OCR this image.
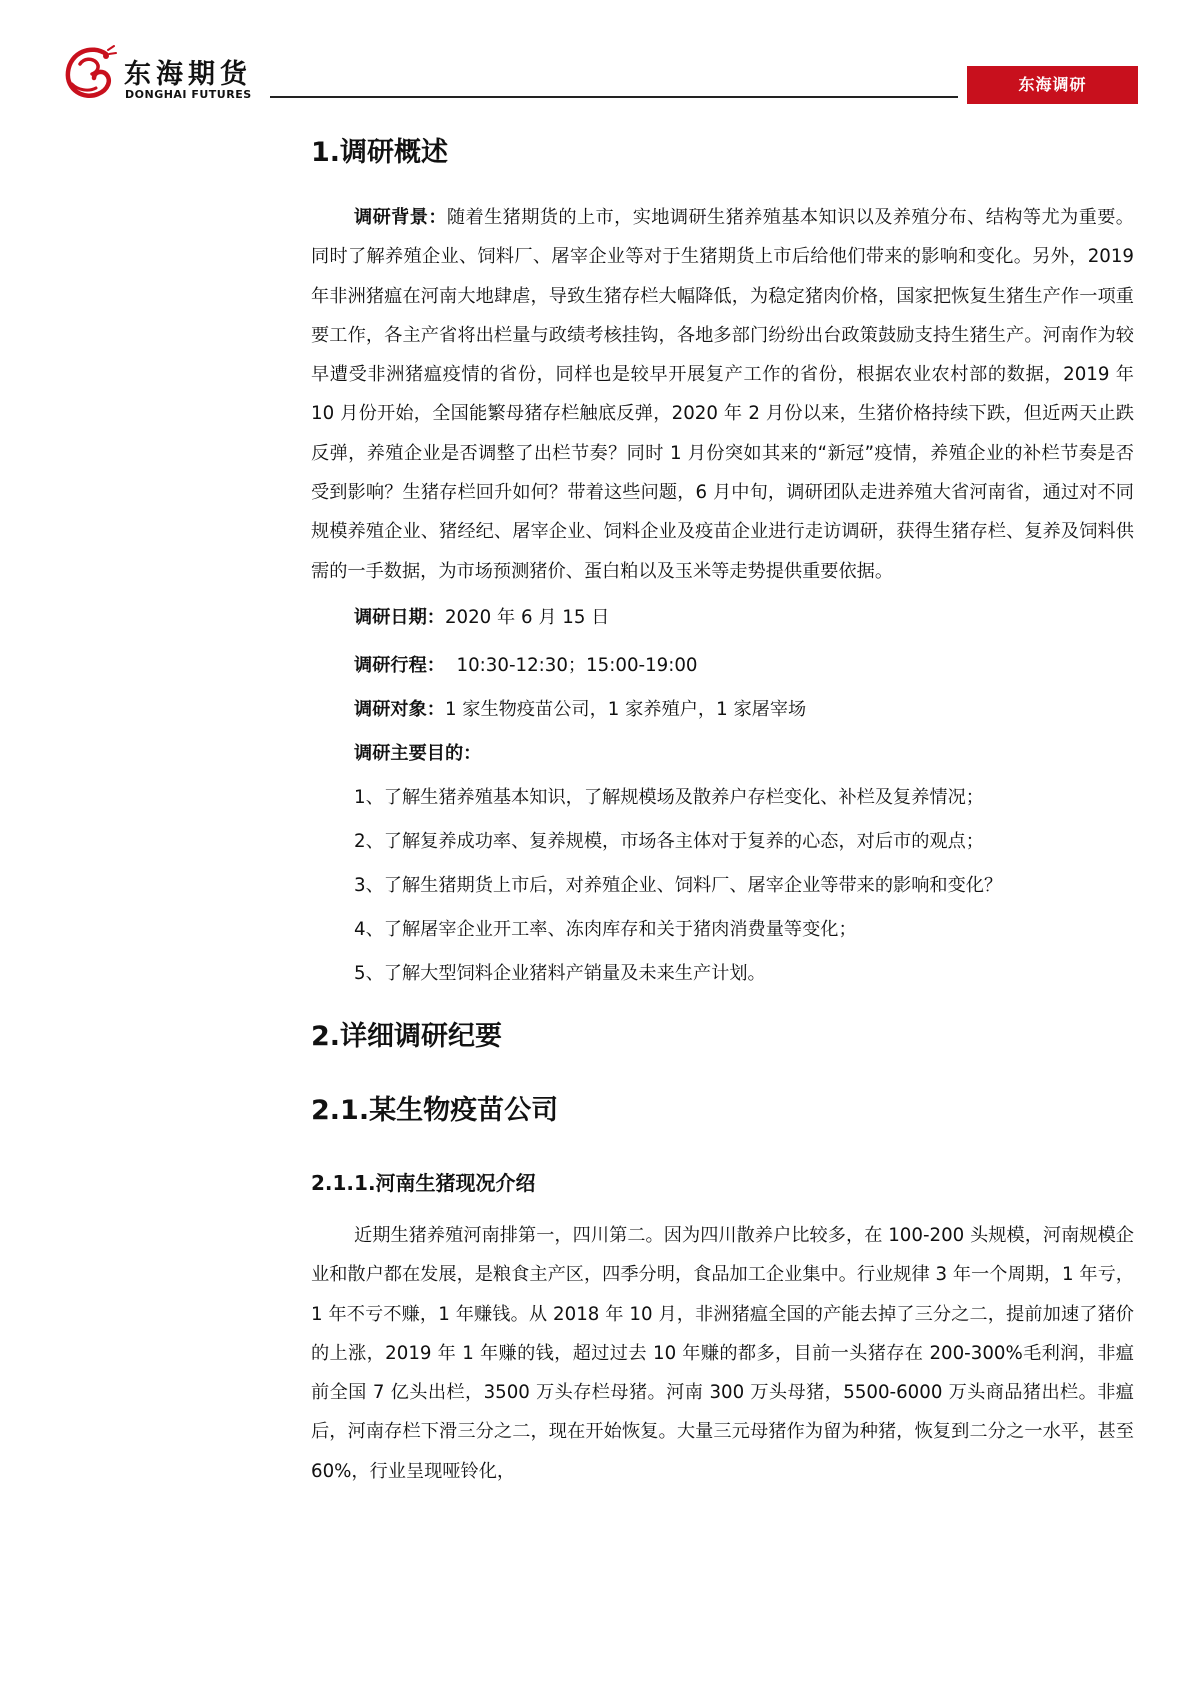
东海期货
DONGHAI FUTURES
东海调研
1.调研概述

调研背景：随着生猪期货的上市，实地调研生猪养殖基本知识以及养殖分布、结构等尤为重要。同时了解养殖企业、饲料厂、屠宰企业等对于生猪期货上市后给他们带来的影响和变化。另外，2019年非洲猪瘟在河南大地肆虐，导致生猪存栏大幅降低，为稳定猪肉价格，国家把恢复生猪生产作一项重要工作，各主产省将出栏量与政绩考核挂钩，各地多部门纷纷出台政策鼓励支持生猪生产。河南作为较早遭受非洲猪瘟疫情的省份，同样也是较早开展复产工作的省份，根据农业农村部的数据，2019 年 10 月份开始，全国能繁母猪存栏触底反弹，2020 年 2 月份以来，生猪价格持续下跌，但近两天止跌反弹，养殖企业是否调整了出栏节奏？同时 1 月份突如其来的“新冠”疫情，养殖企业的补栏节奏是否受到影响？生猪存栏回升如何？带着这些问题，6 月中旬，调研团队走进养殖大省河南省，通过对不同规模养殖企业、猪经纪、屠宰企业、饲料企业及疫苗企业进行走访调研，获得生猪存栏、复养及饲料供需的一手数据，为市场预测猪价、蛋白粕以及玉米等走势提供重要依据。

调研日期：2020 年 6 月 15 日

调研行程： 10:30-12:30；15:00-19:00

调研对象：1 家生物疫苗公司，1 家养殖户，1 家屠宰场

调研主要目的：

1、了解生猪养殖基本知识，了解规模场及散养户存栏变化、补栏及复养情况；

2、了解复养成功率、复养规模，市场各主体对于复养的心态，对后市的观点；

3、了解生猪期货上市后，对养殖企业、饲料厂、屠宰企业等带来的影响和变化？

4、了解屠宰企业开工率、冻肉库存和关于猪肉消费量等变化；

5、了解大型饲料企业猪料产销量及未来生产计划。

2.详细调研纪要
2.1.某生物疫苗公司
2.1.1.河南生猪现况介绍

近期生猪养殖河南排第一，四川第二。因为四川散养户比较多，在 100-200 头规模，河南规模企业和散户都在发展，是粮食主产区，四季分明，食品加工企业集中。行业规律 3 年一个周期，1 年亏，1 年不亏不赚，1 年赚钱。从 2018 年 10 月，非洲猪瘟全国的产能去掉了三分之二，提前加速了猪价的上涨，2019 年 1 年赚的钱，超过过去 10 年赚的都多，目前一头猪存在 200-300%毛利润，非瘟前全国 7 亿头出栏，3500 万头存栏母猪。河南 300 万头母猪，5500-6000 万头商品猪出栏。非瘟后，河南存栏下滑三分之二，现在开始恢复。大量三元母猪作为留为种猪，恢复到二分之一水平，甚至 60%，行业呈现哑铃化，
